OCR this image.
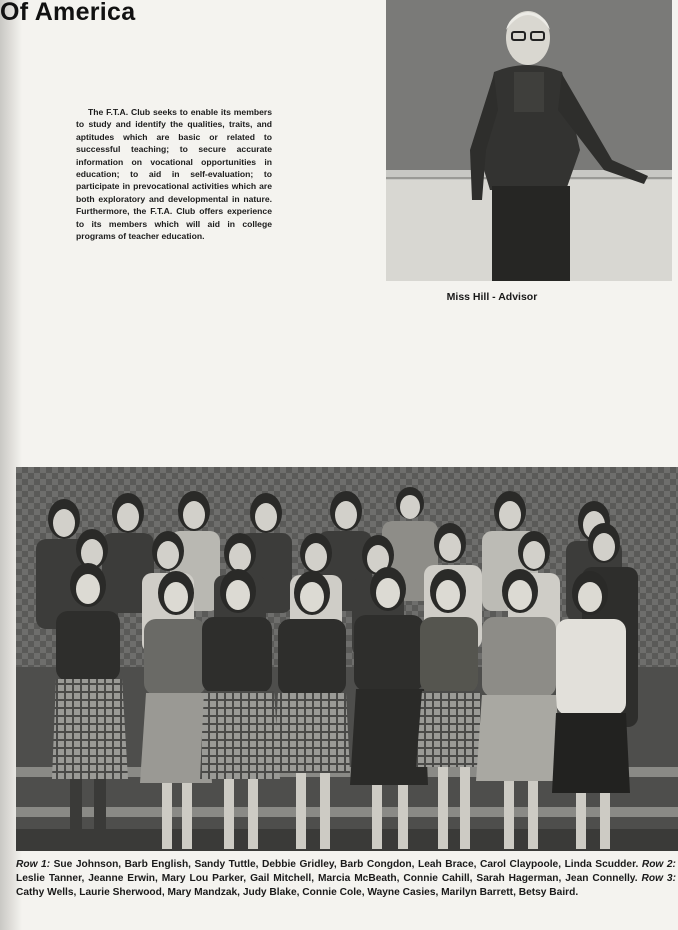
Of America

The F.T.A. Club seeks to enable its members to study and identify the qualities, traits, and aptitudes which are basic or related to successful teaching; to secure accurate information on vocational opportunities in education; to aid in self-evaluation; to participate in prevocational activities which are both exploratory and developmental in nature. Furthermore, the F.T.A. Club offers experience to its members which will aid in college programs of teacher education.

Miss Hill - Advisor

Row 1: Sue Johnson, Barb English, Sandy Tuttle, Debbie Gridley, Barb Congdon, Leah Brace, Carol Claypoole, Linda Scudder. Row 2: Leslie Tanner, Jeanne Erwin, Mary Lou Parker, Gail Mitchell, Marcia McBeath, Connie Cahill, Sarah Hagerman, Jean Connelly. Row 3: Cathy Wells, Laurie Sherwood, Mary Mandzak, Judy Blake, Connie Cole, Wayne Casies, Marilyn Barrett, Betsy Baird.
